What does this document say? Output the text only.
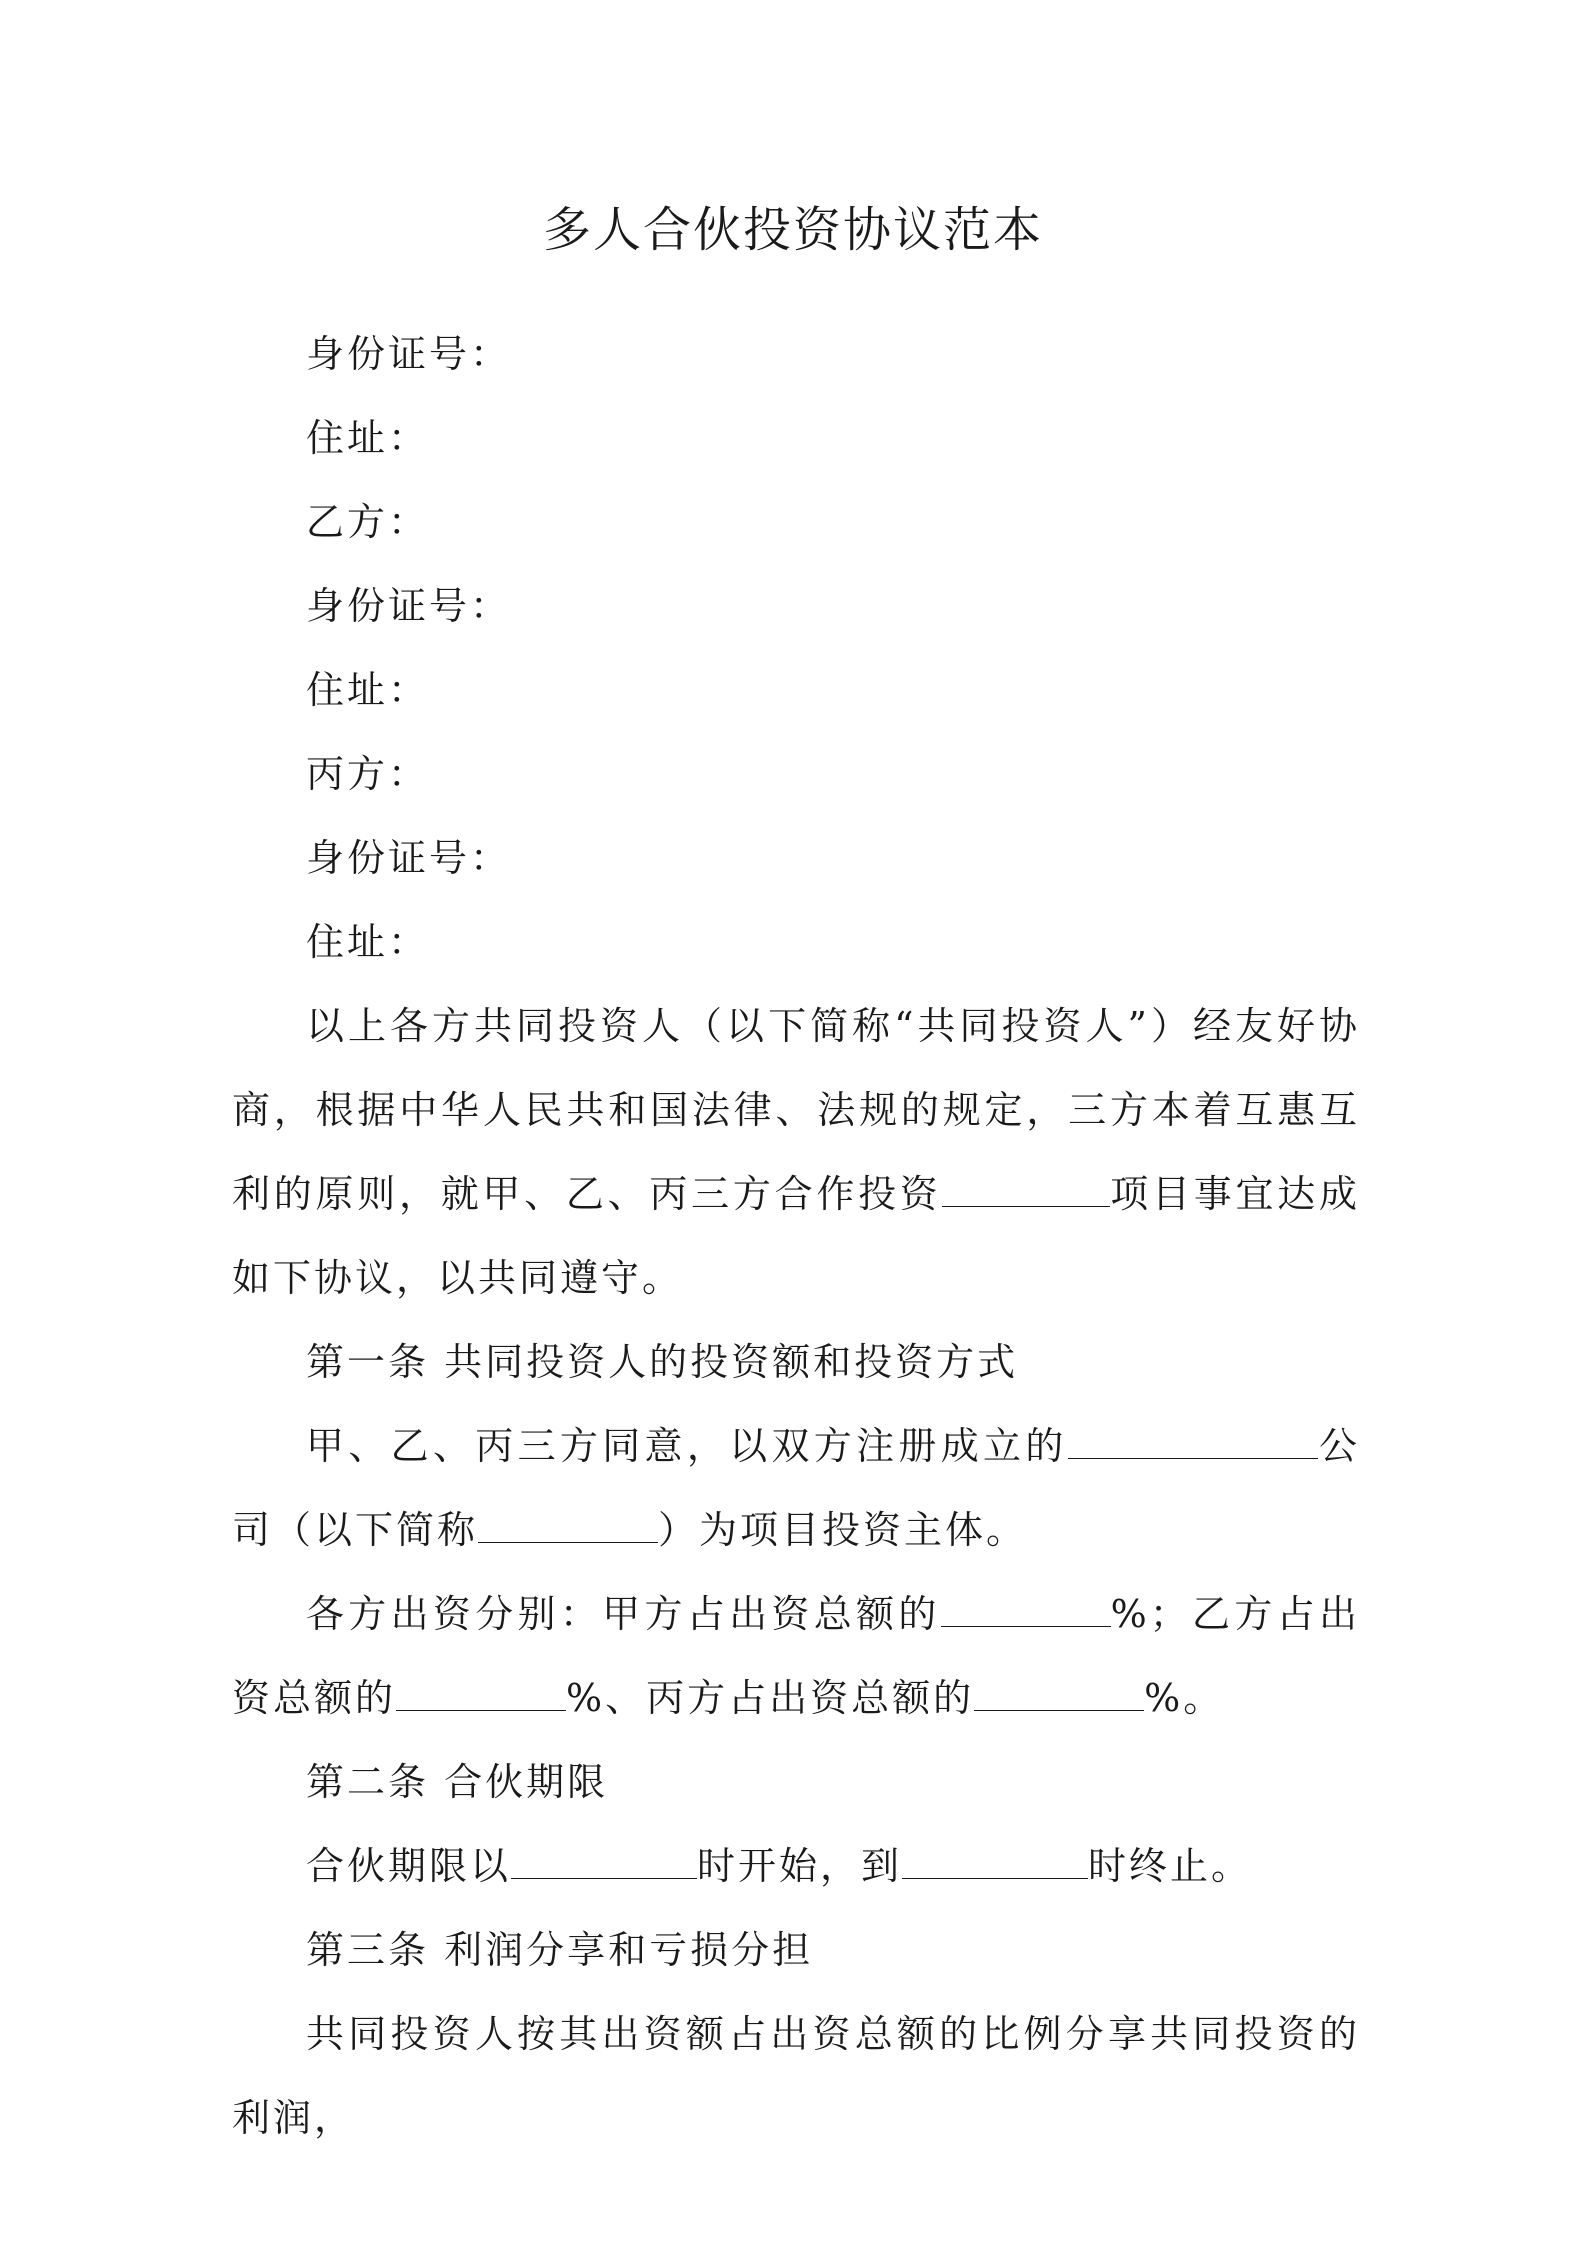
多人合伙投资协议范本

身份证号：

住址：

乙方：

身份证号：

住址：

丙方：

身份证号：

住址：

以上各方共同投资人（以下简称“共同投资人”）经友好协商，根据中华人民共和国法律、法规的规定，三方本着互惠互利的原则，就甲、乙、丙三方合作投资	项目事宜达成如下协议，以共同遵守。

第一条 共同投资人的投资额和投资方式

甲、乙、丙三方同意，以双方注册成立的	公司（以下简称	）为项目投资主体。

各方出资分别：甲方占出资总额的	%；乙方占出资总额的	%、丙方占出资总额的	%。

第二条 合伙期限

合伙期限以	时开始，到	时终止。

第三条 利润分享和亏损分担

共同投资人按其出资额占出资总额的比例分享共同投资的利润，
